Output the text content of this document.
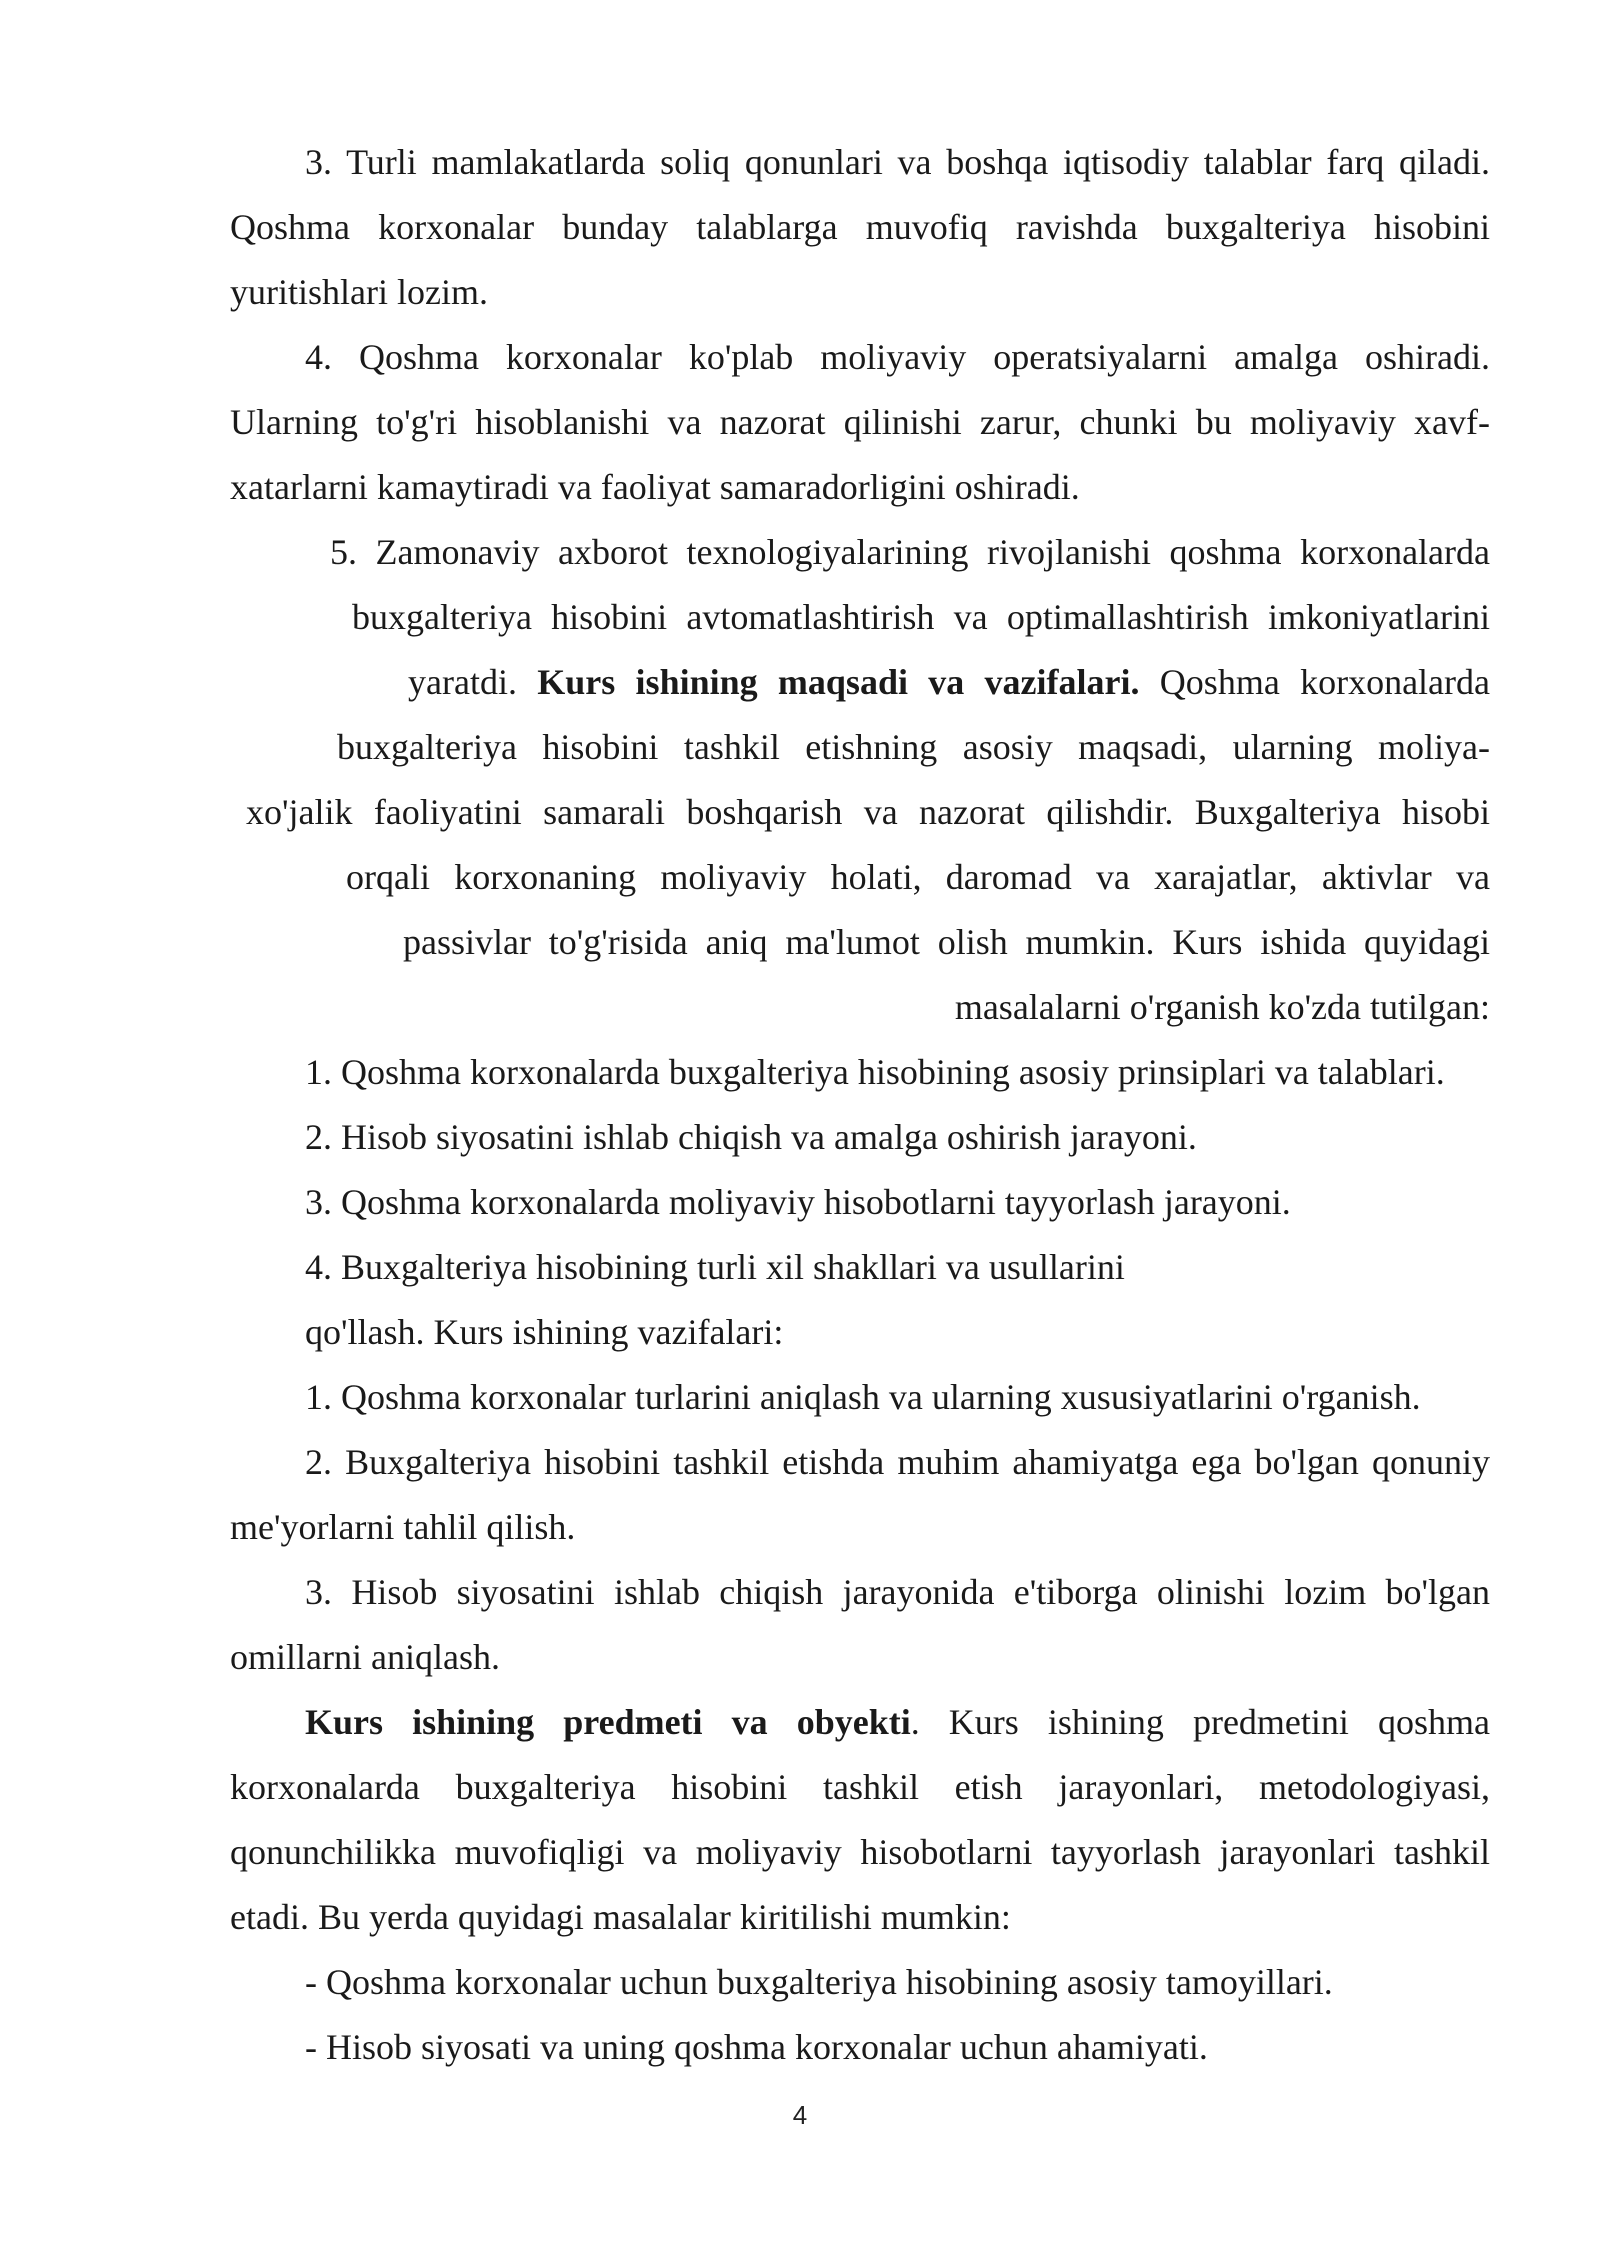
3. Turli mamlakatlarda soliq qonunlari va boshqa iqtisodiy talablar farq qiladi.
Qoshma korxonalar bunday talablarga muvofiq ravishda buxgalteriya hisobini
yuritishlari lozim.
4. Qoshma korxonalar ko'plab moliyaviy operatsiyalarni amalga oshiradi.
Ularning to'g'ri hisoblanishi va nazorat qilinishi zarur, chunki bu moliyaviy xavf-
xatarlarni kamaytiradi va faoliyat samaradorligini oshiradi.
5. Zamonaviy axborot texnologiyalarining rivojlanishi qoshma korxonalarda
buxgalteriya hisobini avtomatlashtirish va optimallashtirish imkoniyatlarini
yaratdi. Kurs ishining maqsadi va vazifalari. Qoshma korxonalarda
buxgalteriya hisobini tashkil etishning asosiy maqsadi, ularning moliya-
xo'jalik faoliyatini samarali boshqarish va nazorat qilishdir. Buxgalteriya hisobi
orqali korxonaning moliyaviy holati, daromad va xarajatlar, aktivlar va
passivlar to'g'risida aniq ma'lumot olish mumkin. Kurs ishida quyidagi
masalalarni o'rganish ko'zda tutilgan:
1. Qoshma korxonalarda buxgalteriya hisobining asosiy prinsiplari va talablari.
2. Hisob siyosatini ishlab chiqish va amalga oshirish jarayoni.
3. Qoshma korxonalarda moliyaviy hisobotlarni tayyorlash jarayoni.
4. Buxgalteriya hisobining turli xil shakllari va usullarini
qo'llash. Kurs ishining vazifalari:
1. Qoshma korxonalar turlarini aniqlash va ularning xususiyatlarini o'rganish.
2. Buxgalteriya hisobini tashkil etishda muhim ahamiyatga ega bo'lgan qonuniy
me'yorlarni tahlil qilish.
3. Hisob siyosatini ishlab chiqish jarayonida e'tiborga olinishi lozim bo'lgan
omillarni aniqlash.
Kurs ishining predmeti va obyekti. Kurs ishining predmetini qoshma
korxonalarda buxgalteriya hisobini tashkil etish jarayonlari, metodologiyasi,
qonunchilikka muvofiqligi va moliyaviy hisobotlarni tayyorlash jarayonlari tashkil
etadi. Bu yerda quyidagi masalalar kiritilishi mumkin:
- Qoshma korxonalar uchun buxgalteriya hisobining asosiy tamoyillari.
- Hisob siyosati va uning qoshma korxonalar uchun ahamiyati.
4
